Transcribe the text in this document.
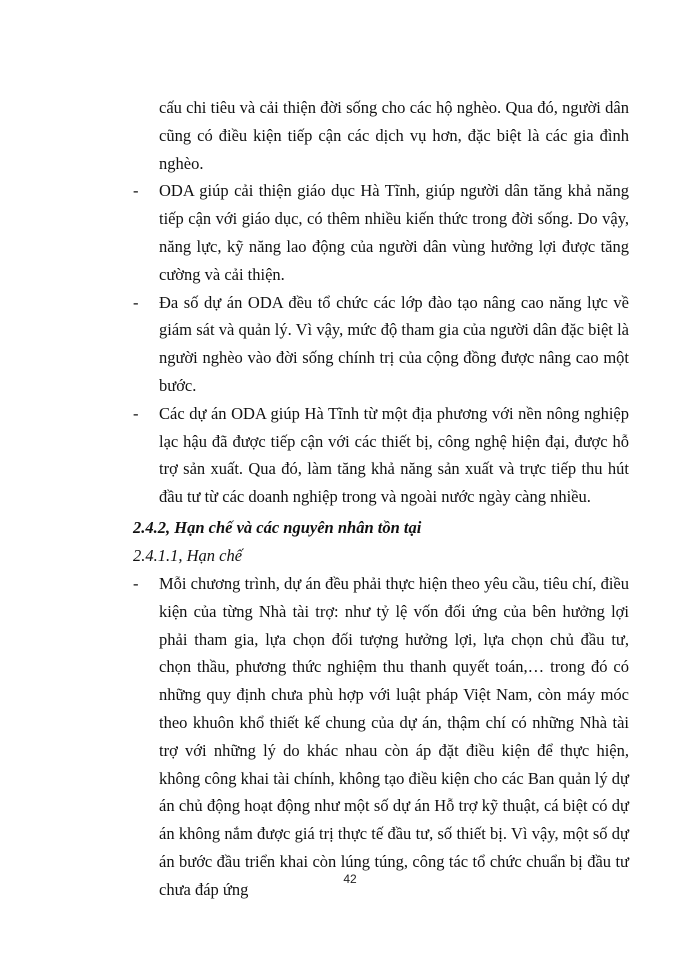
cấu chi tiêu và cải thiện đời sống cho các hộ nghèo. Qua đó, người dân cũng có điều kiện tiếp cận các dịch vụ hơn, đặc biệt là các gia đình nghèo.

-	ODA giúp cải thiện giáo dục Hà Tĩnh, giúp người dân tăng khả năng tiếp cận với giáo dục, có thêm nhiều kiến thức trong đời sống. Do vậy, năng lực, kỹ năng lao động của người dân vùng hưởng lợi được tăng cường và cải thiện.
-	Đa số dự án ODA đều tổ chức các lớp đào tạo nâng cao năng lực về giám sát và quản lý. Vì vậy, mức độ tham gia của người dân đặc biệt là người nghèo vào đời sống chính trị của cộng đồng được nâng cao một bước.
-	Các dự án ODA giúp Hà Tĩnh từ một địa phương với nền nông nghiệp lạc hậu đã được tiếp cận với các thiết bị, công nghệ hiện đại, được hỗ trợ sản xuất. Qua đó, làm tăng khả năng sản xuất và trực tiếp thu hút đầu tư từ các doanh nghiệp trong và ngoài nước ngày càng nhiều.

2.4.2, Hạn chế và các nguyên nhân tồn tại

2.4.1.1, Hạn chế

-	Mỗi chương trình, dự án đều phải thực hiện theo yêu cầu, tiêu chí, điều kiện của từng Nhà tài trợ: như tỷ lệ vốn đối ứng của bên hưởng lợi phải tham gia, lựa chọn đối tượng hưởng lợi, lựa chọn chủ đầu tư, chọn thầu, phương thức nghiệm thu thanh quyết toán,… trong đó có những quy định chưa phù hợp với luật pháp Việt Nam, còn máy móc theo khuôn khổ thiết kế chung của dự án, thậm chí có những Nhà tài trợ với những lý do khác nhau còn áp đặt điều kiện để thực hiện, không công khai tài chính, không tạo điều kiện cho các Ban quản lý dự án chủ động hoạt động như một số dự án Hỗ trợ kỹ thuật, cá biệt có dự án không nắm được giá trị thực tế đầu tư, số thiết bị. Vì vậy, một số dự án bước đầu triển khai còn lúng túng, công tác tổ chức chuẩn bị đầu tư chưa đáp ứng
42
